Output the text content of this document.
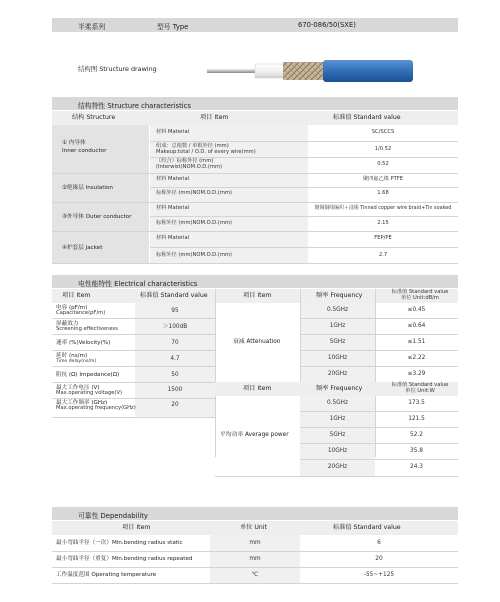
半柔系列	型号 Type	670-086/50(SXE)
结构图 Structure drawing
结构特性 Structure characteristics
结构 Structure	项目 Item	标准值 Standard value
① 内导体
Inner conductor
②绝缘层 Insulation
③外导体 Outer conductor
④护套层 Jacket
材料 Material	SC/SCCS
组成：总根数 / 单根外径 (mm)
Makeup:total / O.D. of every wire(mm)	1/0.52
（绞合）标称外径 (mm)
(Interwist)NOM.O.D.(mm)	0.52
材料 Material	聚四氟乙烯 PTFE
标称外径 (mm)NOM.O.D.(mm)	1.68
材料 Material	镀锡铜线编织＋浸锡 Tinned copper wire braid+Tin soaked
标称外径 (mm)NOM.O.D.(mm)	2.15
材料 Material	FEP/PE
标称外径 (mm)NOM.O.D.(mm)	2.7
电性能特性 Electrical characteristics
项目 Item	标准值 Standard value	项目 Item	频率 Frequency	标准值 Standard value
单位 Unit:dB/m
电容 (pF/m)
Capacitance(pF/m)	95
屏蔽效力
Screening effectiveness	＞100dB
速率 (%)Velocity(%)	70
延时 (ns/m)
Time delay(ns/m)	4.7
阻抗 (Ω) Impedance(Ω)	50
最大工作电压 (V)
Max.operating voltage(V)	1500
最大工作频率 (GHz)
Max.operating frequency(GHz)	20
衰减 Attenuation
0.5GHz	≤0.45
1GHz	≤0.64
5GHz	≤1.51
10GHz	≤2.22
20GHz	≤3.29
项目 Item	频率 Frequency	标准值 Standard value
单位 Unit:W
平均功率 Average power
0.5GHz	173.5
1GHz	121.5
5GHz	52.2
10GHz	35.8
20GHz	24.3
可靠性 Dependability
项目 Item	单位 Unit	标准值 Standard value
最小弯曲半径（一次）Min.bending radius static	mm	6
最小弯曲半径（重复）Min.bending radius repeated	mm	20
工作温度范围 Operating temperature	℃	-55~+125
